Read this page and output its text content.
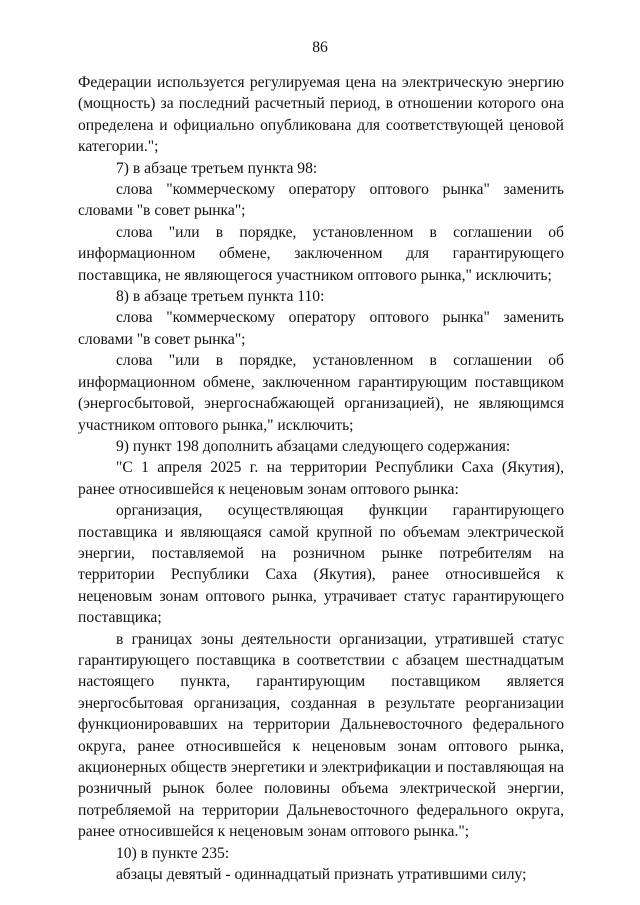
86

Федерации используется регулируемая цена на электрическую энергию (мощность) за последний расчетный период, в отношении которого она определена и официально опубликована для соответствующей ценовой категории.";

7) в абзаце третьем пункта 98:

слова "коммерческому оператору оптового рынка" заменить словами "в совет рынка";

слова "или в порядке, установленном в соглашении об информационном обмене, заключенном для гарантирующего поставщика, не являющегося участником оптового рынка," исключить;

8) в абзаце третьем пункта 110:

слова "коммерческому оператору оптового рынка" заменить словами "в совет рынка";

слова "или в порядке, установленном в соглашении об информационном обмене, заключенном гарантирующим поставщиком (энергосбытовой, энергоснабжающей организацией), не являющимся участником оптового рынка," исключить;

9) пункт 198 дополнить абзацами следующего содержания:

"С 1 апреля 2025 г. на территории Республики Саха (Якутия), ранее относившейся к неценовым зонам оптового рынка:

организация, осуществляющая функции гарантирующего поставщика и являющаяся самой крупной по объемам электрической энергии, поставляемой на розничном рынке потребителям на территории Республики Саха (Якутия), ранее относившейся к неценовым зонам оптового рынка, утрачивает статус гарантирующего поставщика;

в границах зоны деятельности организации, утратившей статус гарантирующего поставщика в соответствии с абзацем шестнадцатым настоящего пункта, гарантирующим поставщиком является энергосбытовая организация, созданная в результате реорганизации функционировавших на территории Дальневосточного федерального округа, ранее относившейся к неценовым зонам оптового рынка, акционерных обществ энергетики и электрификации и поставляющая на розничный рынок более половины объема электрической энергии, потребляемой на территории Дальневосточного федерального округа, ранее относившейся к неценовым зонам оптового рынка.";

10) в пункте 235:

абзацы девятый - одиннадцатый признать утратившими силу;
